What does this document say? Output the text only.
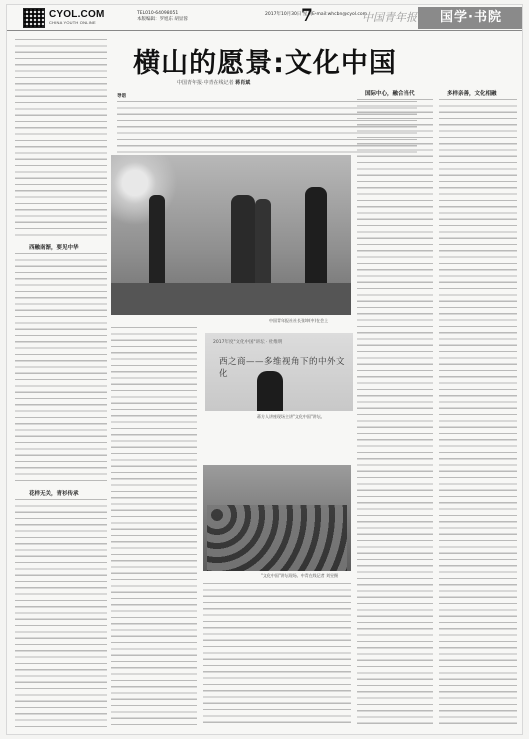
CYOL.COM
CHINA YOUTH ONLINE
TEL010-64098051
本版编辑：罗旭东 胡显蓉
2017年10月30日 星期一
7 E-mail:whcbn@cyol.com
中国青年报	国学·书院
横山的愿景:文化中国
中国青年报·中青在线记者 蒋肖斌
导语
西融南渐，要见中华
花样无关，青衫传承
国际中心，融合当代	多样亲善，文化相融
中国青年报社社长张坤(中)在会上
2017年度"文化中国"讲坛 · 杜维明
西之商——多维视角下的中外文化
蒋方人讲座现场主讲"文化中国"讲坛。
"文化中国"讲坛现场。中青在线记者 刘昱摄
